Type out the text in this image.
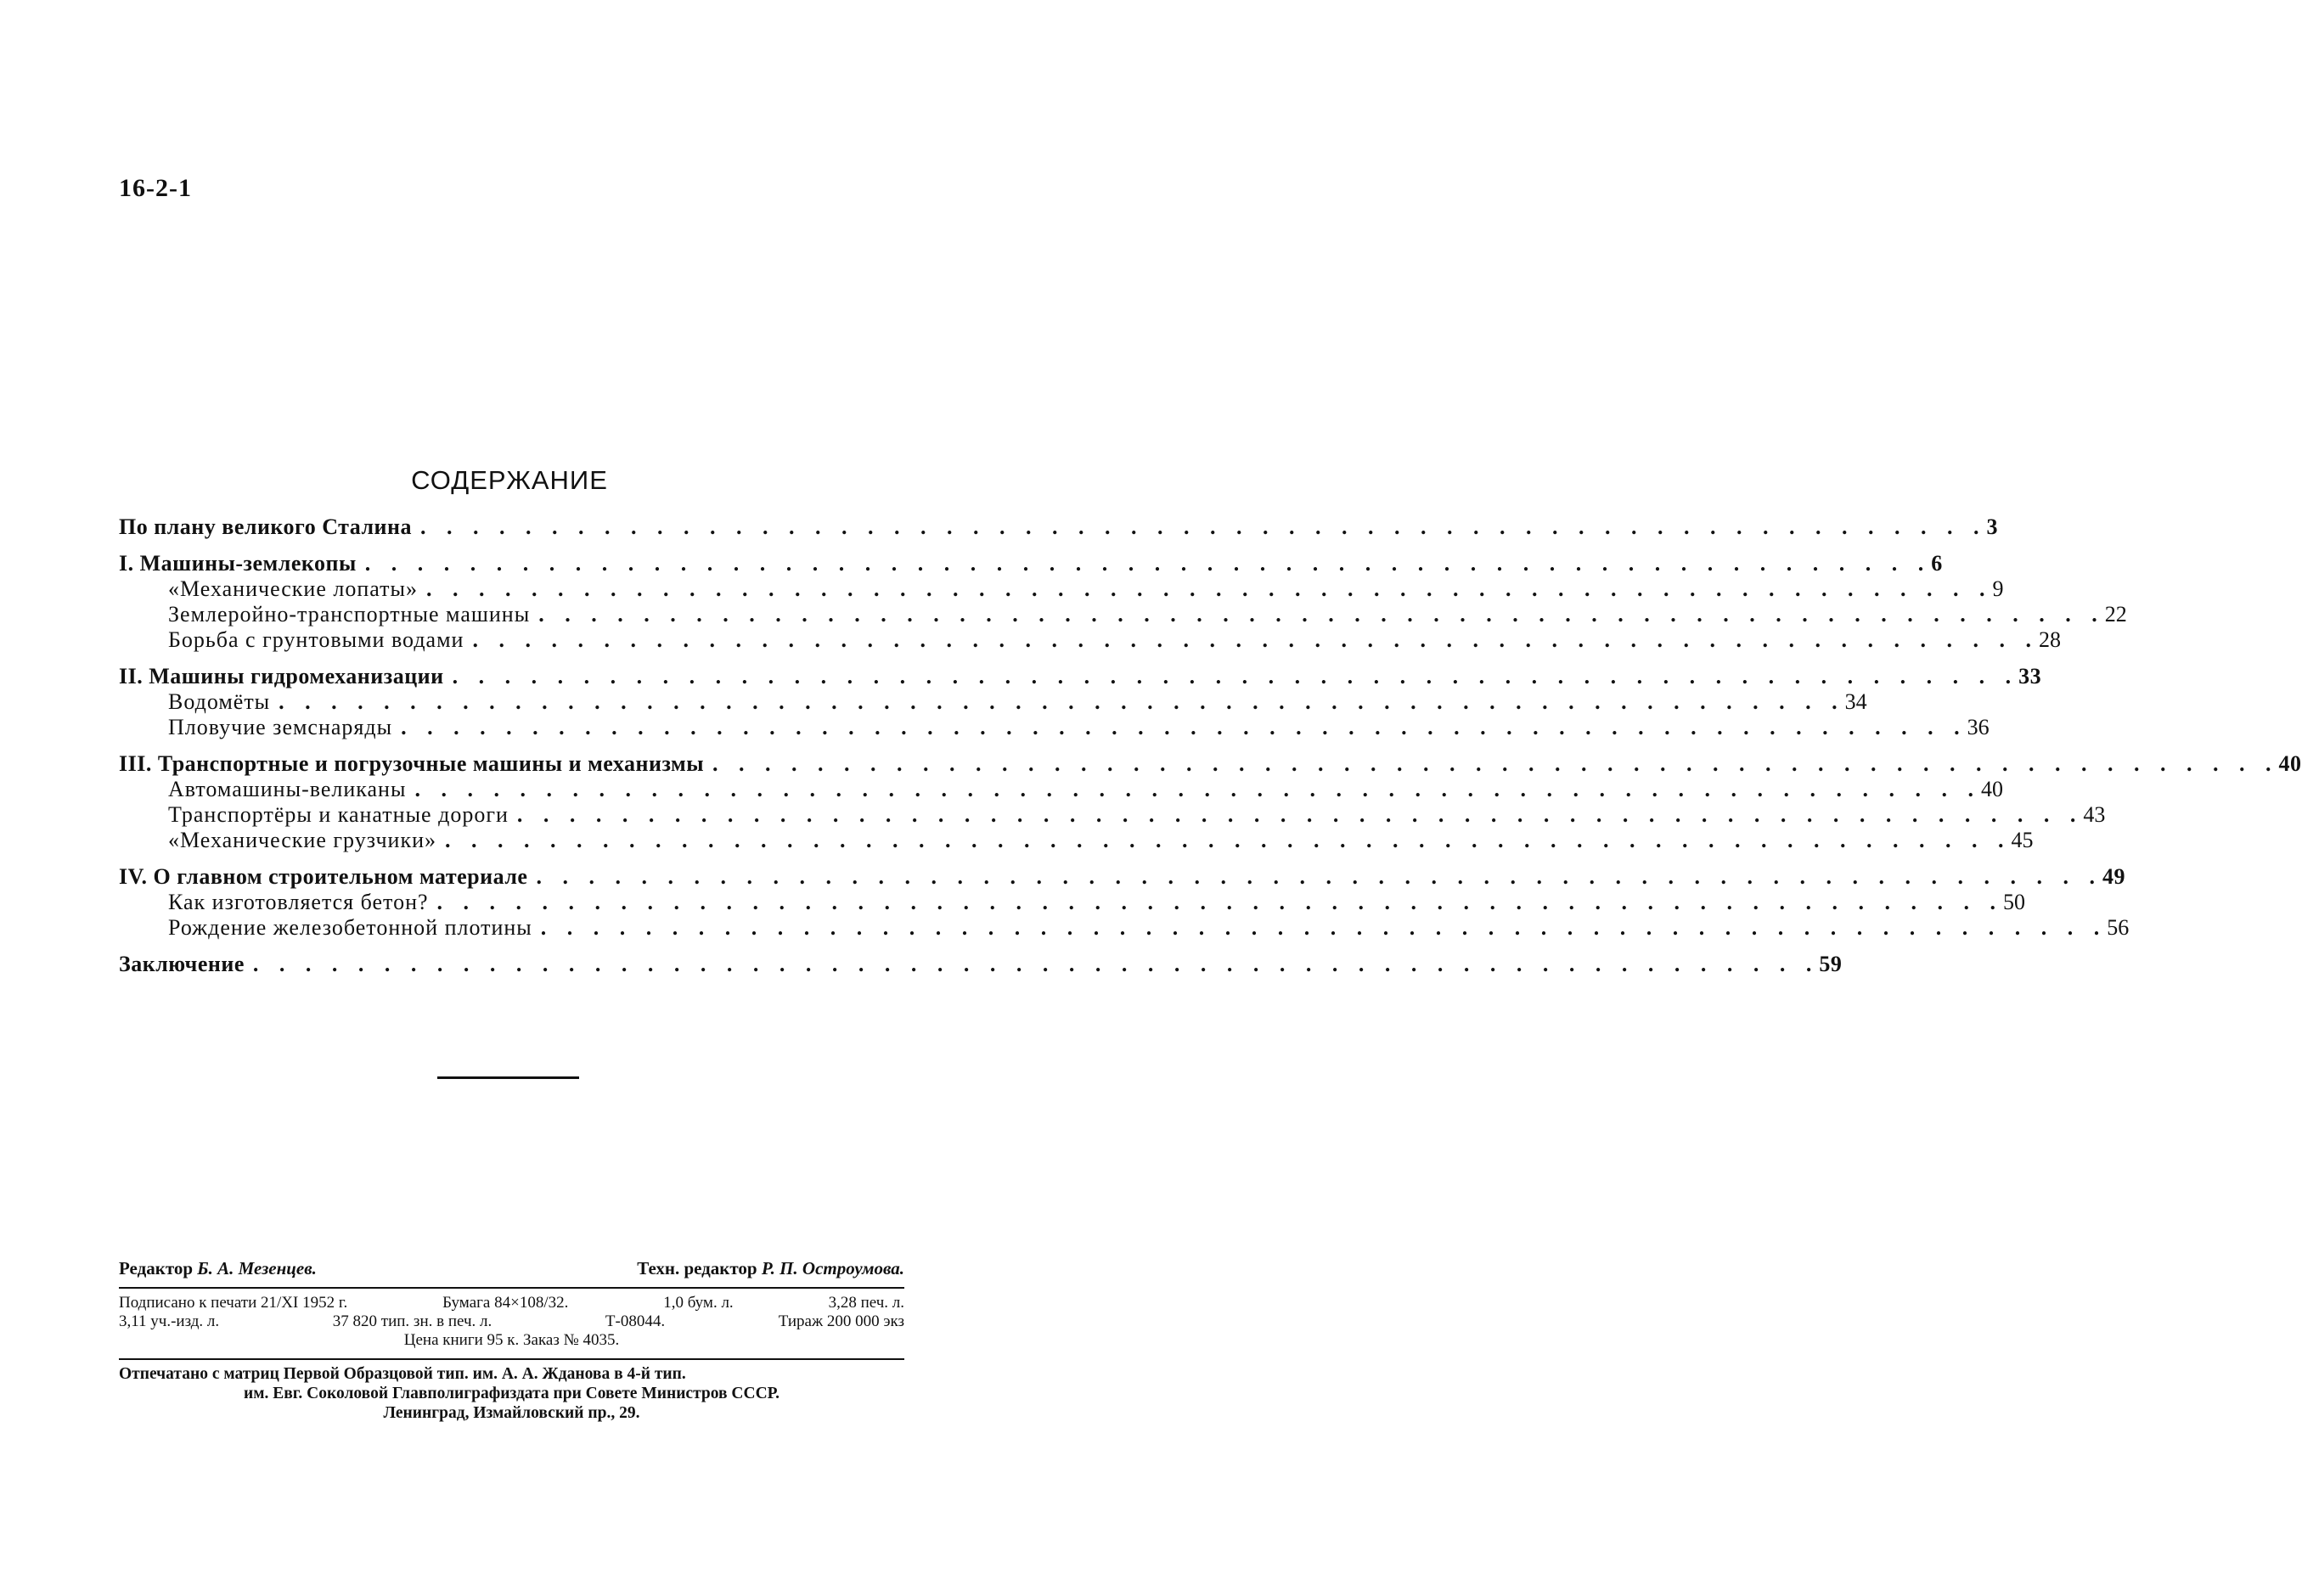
16-2-1
СОДЕРЖАНИЕ
По плану великого Сталина . . . . . . . . . . . . . . . . . . . . . . . . . . . . . . . . . . . . . . . . . . . . . . . . . . . . . . . . . . . . 3
I. Машины-землекопы . . . . . . . . . . . . . . . . . . . . . . . . . . . . . . . . . . . . . . . . . . . . . . . . . . . . . . . . . . . . 6
«Механические лопаты» . . . . . . . . . . . . . . . . . . . . . . . . . . . . . . . . . . . . . . . . . . . . . . . . . . . . . . . . . . . . 9
Землеройно-транспортные машины . . . . . . . . . . . . . . . . . . . . . . . . . . . . . . . . . . . . . . . . . . . . . . . . . . . . . . . . . . . . 22
Борьба с грунтовыми водами . . . . . . . . . . . . . . . . . . . . . . . . . . . . . . . . . . . . . . . . . . . . . . . . . . . . . . . . . . . . 28
II. Машины гидромеханизации . . . . . . . . . . . . . . . . . . . . . . . . . . . . . . . . . . . . . . . . . . . . . . . . . . . . . . . . . . . . 33
Водомёты . . . . . . . . . . . . . . . . . . . . . . . . . . . . . . . . . . . . . . . . . . . . . . . . . . . . . . . . . . . . 34
Пловучие земснаряды . . . . . . . . . . . . . . . . . . . . . . . . . . . . . . . . . . . . . . . . . . . . . . . . . . . . . . . . . . . . 36
III. Транспортные и погрузочные машины и механизмы . . . . . . . . . . . . . . . . . . . . . . . . . . . . . . . . . . . . . . . . . . . . . . . . . . . . . . . . . . . . 40
Автомашины-великаны . . . . . . . . . . . . . . . . . . . . . . . . . . . . . . . . . . . . . . . . . . . . . . . . . . . . . . . . . . . . 40
Транспортёры и канатные дороги . . . . . . . . . . . . . . . . . . . . . . . . . . . . . . . . . . . . . . . . . . . . . . . . . . . . . . . . . . . . 43
«Механические грузчики» . . . . . . . . . . . . . . . . . . . . . . . . . . . . . . . . . . . . . . . . . . . . . . . . . . . . . . . . . . . . 45
IV. О главном строительном материале . . . . . . . . . . . . . . . . . . . . . . . . . . . . . . . . . . . . . . . . . . . . . . . . . . . . . . . . . . . . 49
Как изготовляется бетон? . . . . . . . . . . . . . . . . . . . . . . . . . . . . . . . . . . . . . . . . . . . . . . . . . . . . . . . . . . . . 50
Рождение железобетонной плотины . . . . . . . . . . . . . . . . . . . . . . . . . . . . . . . . . . . . . . . . . . . . . . . . . . . . . . . . . . . . 56
Заключение . . . . . . . . . . . . . . . . . . . . . . . . . . . . . . . . . . . . . . . . . . . . . . . . . . . . . . . . . . . . 59
Редактор Б. А. Мезенцев.	Техн. редактор Р. П. Остроумова.
Подписано к печати 21/XI 1952 г.	Бумага 84×108/32.	1,0 бум. л.	3,28 печ. л.
3,11 уч.-изд. л.	37 820 тип. зн. в печ. л.	Т-08044.	Тираж 200 000 экз
Цена книги 95 к. Заказ № 4035.
Отпечатано с матриц Первой Образцовой тип. им. А. А. Жданова в 4-й тип.
им. Евг. Соколовой Главполиграфиздата при Совете Министров СССР.
Ленинград, Измайловский пр., 29.
